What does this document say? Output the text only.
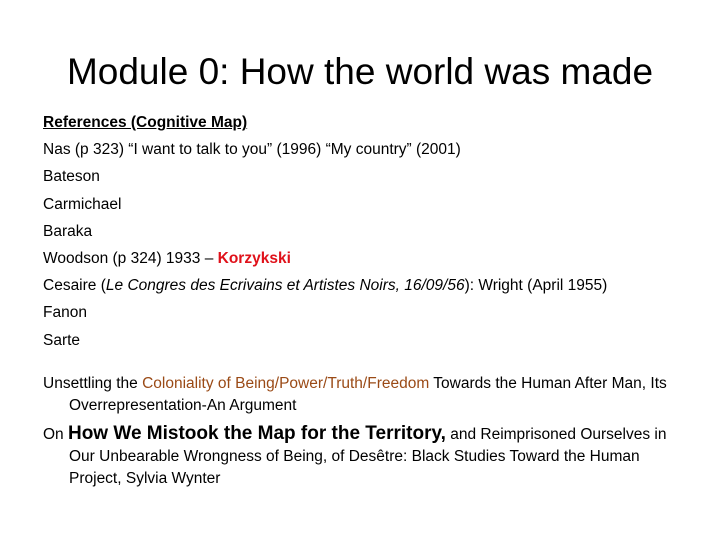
Module 0: How the world was made
References (Cognitive Map)
Nas (p 323) “I want to talk to you” (1996) “My country” (2001)
Bateson
Carmichael
Baraka
Woodson (p 324) 1933 – Korzykski
Cesaire (Le Congres des Ecrivains et Artistes Noirs, 16/09/56): Wright (April 1955)
Fanon
Sarte
Unsettling the Coloniality of Being/Power/Truth/Freedom Towards the Human After Man, Its Overrepresentation-An Argument
On How We Mistook the Map for the Territory, and Reimprisoned Ourselves in Our Unbearable Wrongness of Being, of Desêtre: Black Studies Toward the Human Project, Sylvia Wynter
